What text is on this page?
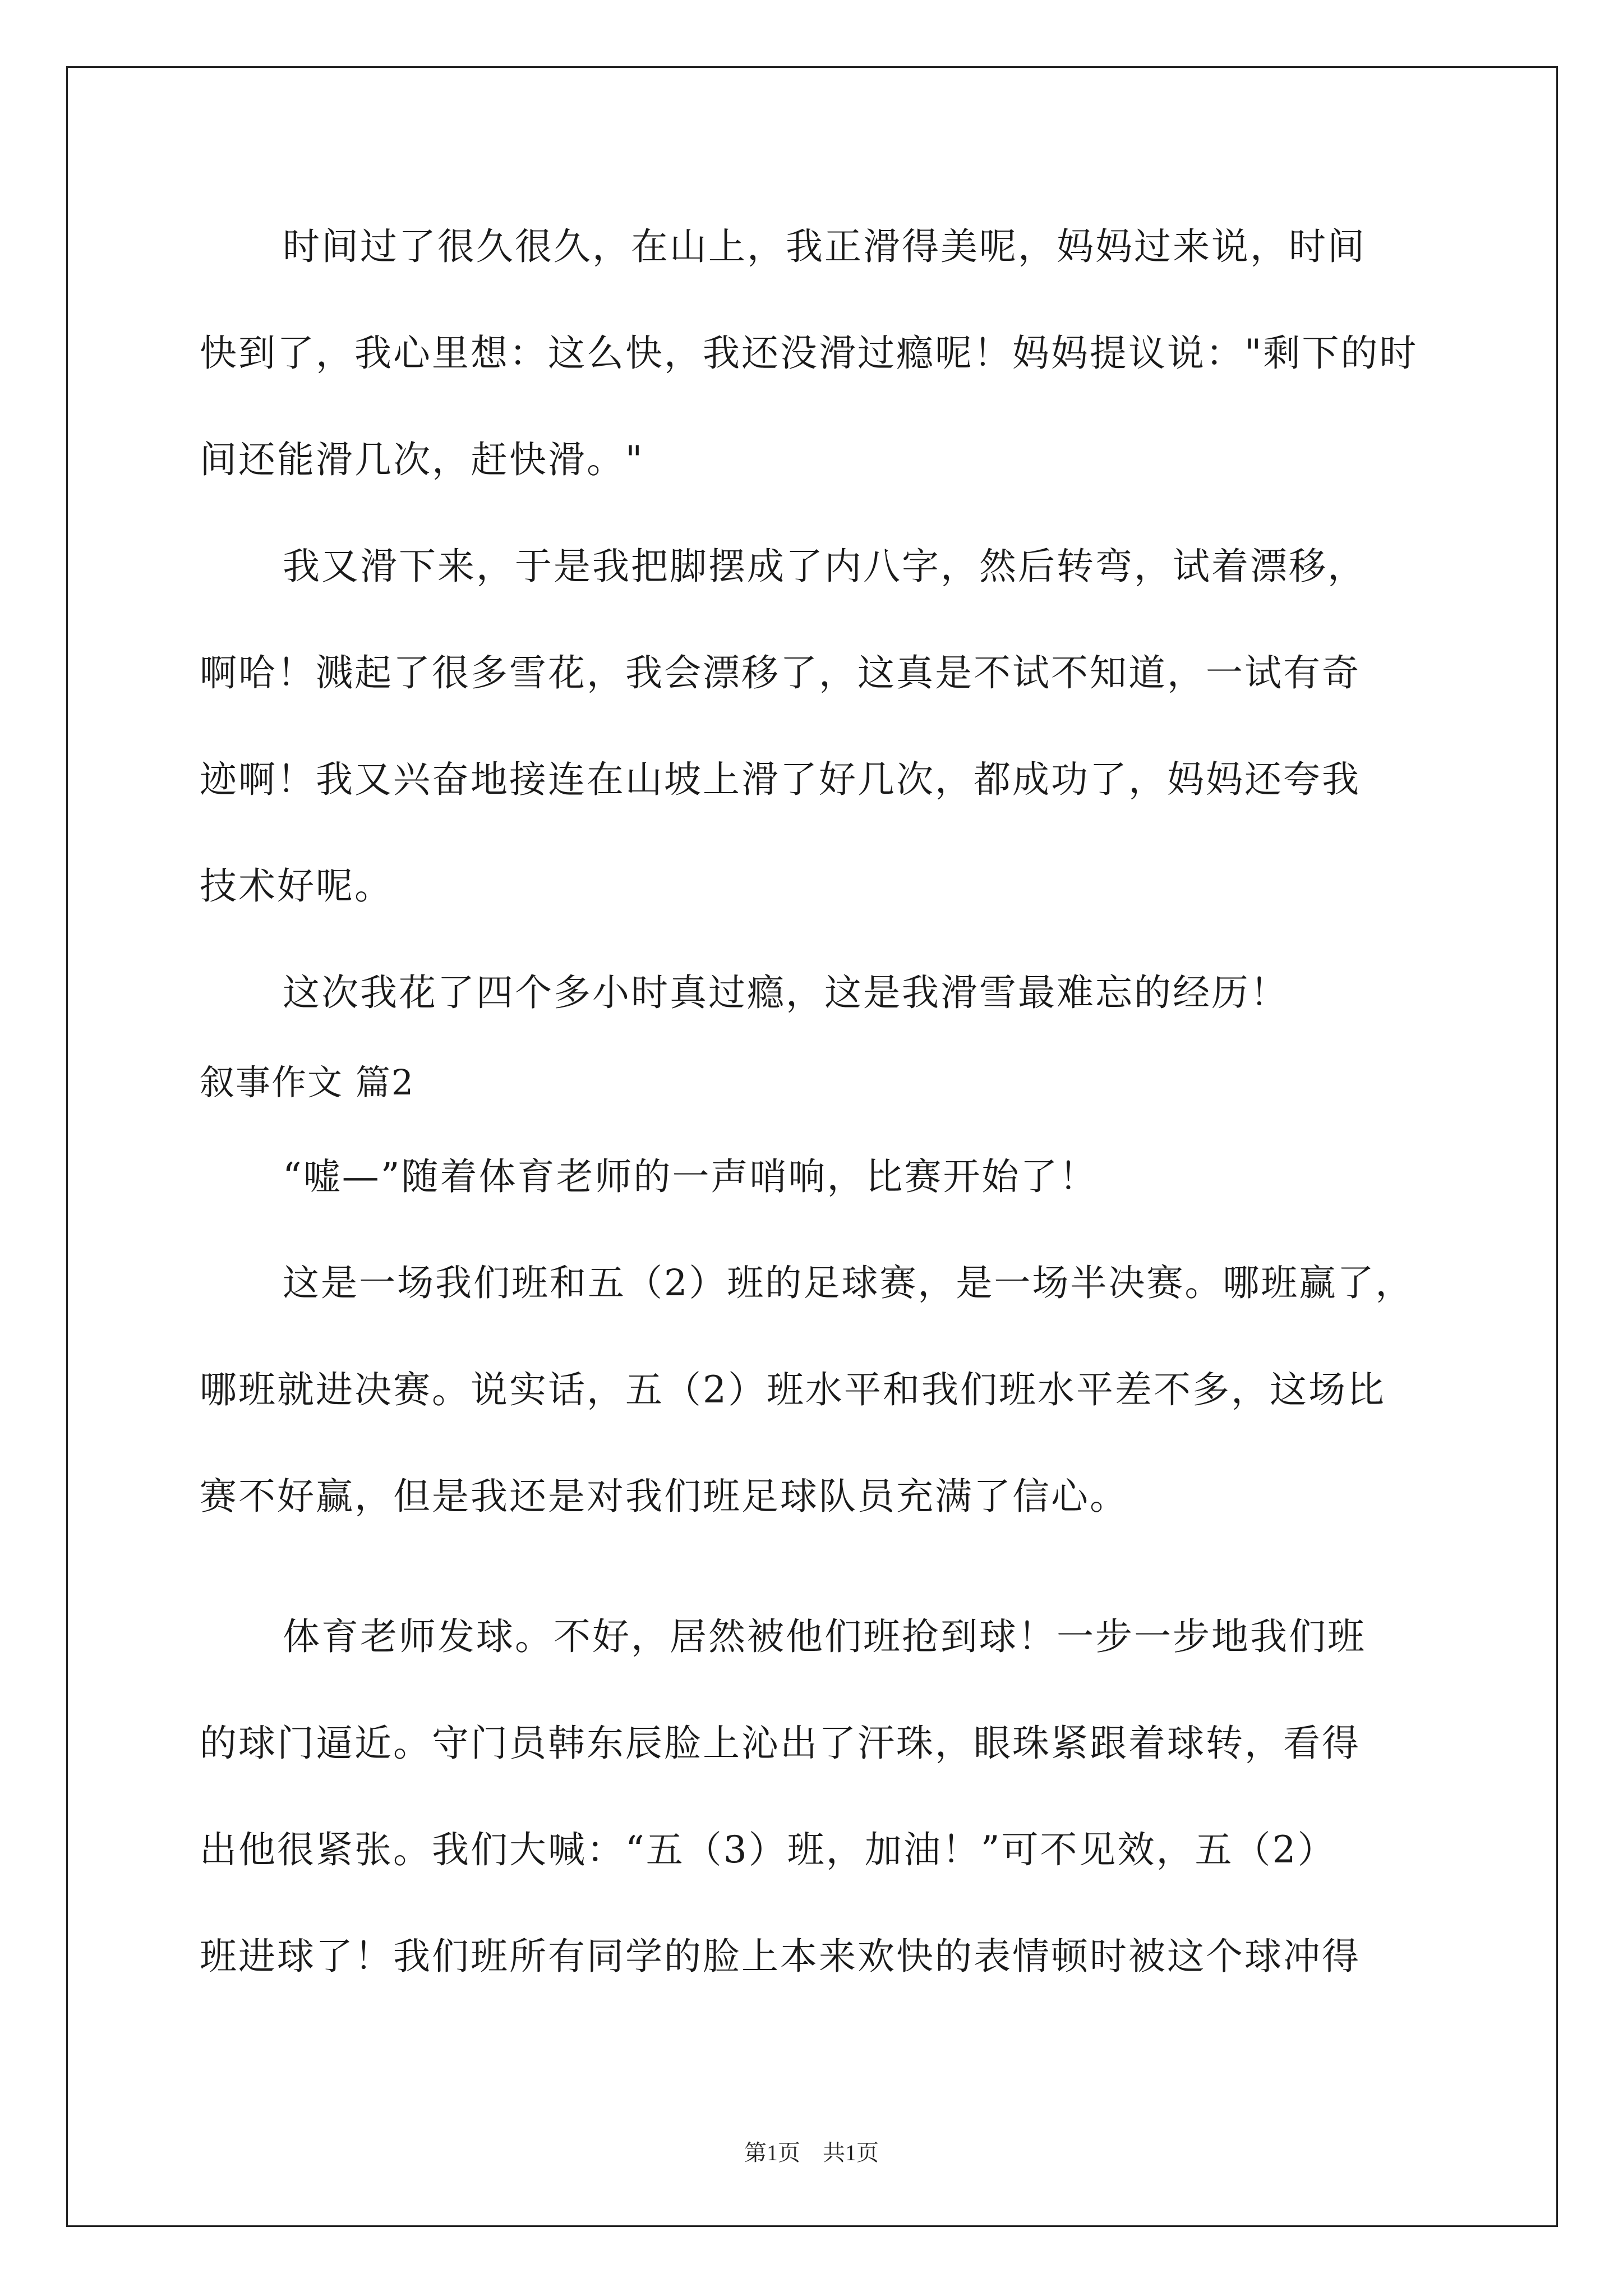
时间过了很久很久，在山上，我正滑得美呢，妈妈过来说，时间
快到了，我心里想：这么快，我还没滑过瘾呢！妈妈提议说："剩下的时
间还能滑几次，赶快滑。"
我又滑下来，于是我把脚摆成了内八字，然后转弯，试着漂移，
啊哈！溅起了很多雪花，我会漂移了，这真是不试不知道，一试有奇
迹啊！我又兴奋地接连在山坡上滑了好几次，都成功了，妈妈还夸我
技术好呢。
这次我花了四个多小时真过瘾，这是我滑雪最难忘的经历！
叙事作文 篇2
“嘘—”随着体育老师的一声哨响，比赛开始了！
这是一场我们班和五（2）班的足球赛，是一场半决赛。哪班赢了，
哪班就进决赛。说实话，五（2）班水平和我们班水平差不多，这场比
赛不好赢，但是我还是对我们班足球队员充满了信心。
体育老师发球。不好，居然被他们班抢到球！一步一步地我们班
的球门逼近。守门员韩东辰脸上沁出了汗珠，眼珠紧跟着球转，看得
出他很紧张。我们大喊：“五（3）班，加油！”可不见效，五（2）
班进球了！我们班所有同学的脸上本来欢快的表情顿时被这个球冲得
第1页　共1页
